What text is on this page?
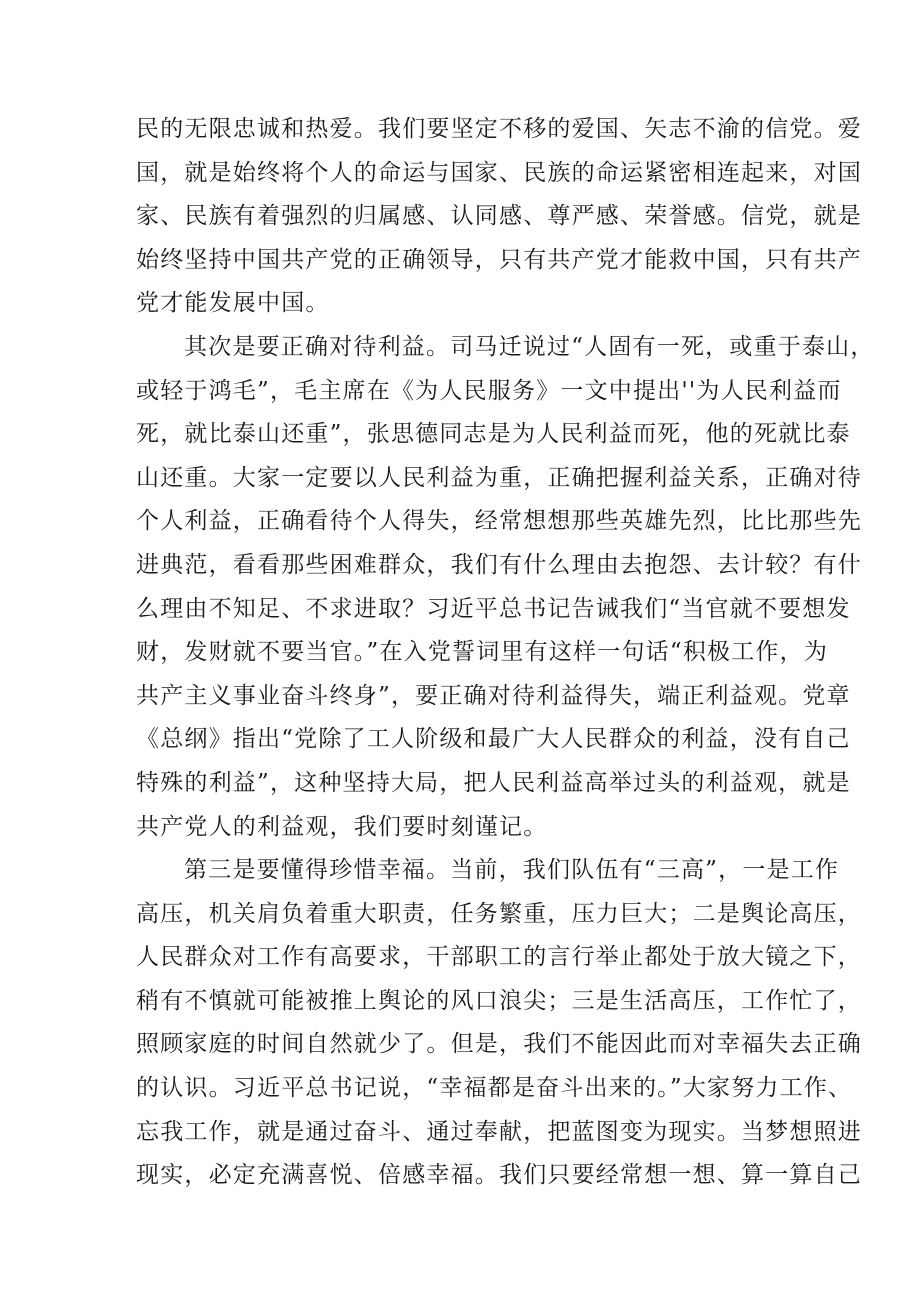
民的无限忠诚和热爱。我们要坚定不移的爱国、矢志不渝的信党。爱
国，就是始终将个人的命运与国家、民族的命运紧密相连起来，对国
家、民族有着强烈的归属感、认同感、尊严感、荣誉感。信党，就是
始终坚持中国共产党的正确领导，只有共产党才能救中国，只有共产
党才能发展中国。
其次是要正确对待利益。司马迁说过“人固有一死，或重于泰山，
或轻于鸿毛”，毛主席在《为人民服务》一文中提出''为人民利益而
死，就比泰山还重”，张思德同志是为人民利益而死，他的死就比泰
山还重。大家一定要以人民利益为重，正确把握利益关系，正确对待
个人利益，正确看待个人得失，经常想想那些英雄先烈，比比那些先
进典范，看看那些困难群众，我们有什么理由去抱怨、去计较？有什
么理由不知足、不求进取？习近平总书记告诫我们“当官就不要想发
财，发财就不要当官。”在入党誓词里有这样一句话“积极工作，为
共产主义事业奋斗终身”，要正确对待利益得失，端正利益观。党章
《总纲》指出“党除了工人阶级和最广大人民群众的利益，没有自己
特殊的利益”，这种坚持大局，把人民利益高举过头的利益观，就是
共产党人的利益观，我们要时刻谨记。
第三是要懂得珍惜幸福。当前，我们队伍有“三高”，一是工作
高压，机关肩负着重大职责，任务繁重，压力巨大；二是舆论高压，
人民群众对工作有高要求，干部职工的言行举止都处于放大镜之下，
稍有不慎就可能被推上舆论的风口浪尖；三是生活高压，工作忙了，
照顾家庭的时间自然就少了。但是，我们不能因此而对幸福失去正确
的认识。习近平总书记说，“幸福都是奋斗出来的。”大家努力工作、
忘我工作，就是通过奋斗、通过奉献，把蓝图变为现实。当梦想照进
现实，必定充满喜悦、倍感幸福。我们只要经常想一想、算一算自己
